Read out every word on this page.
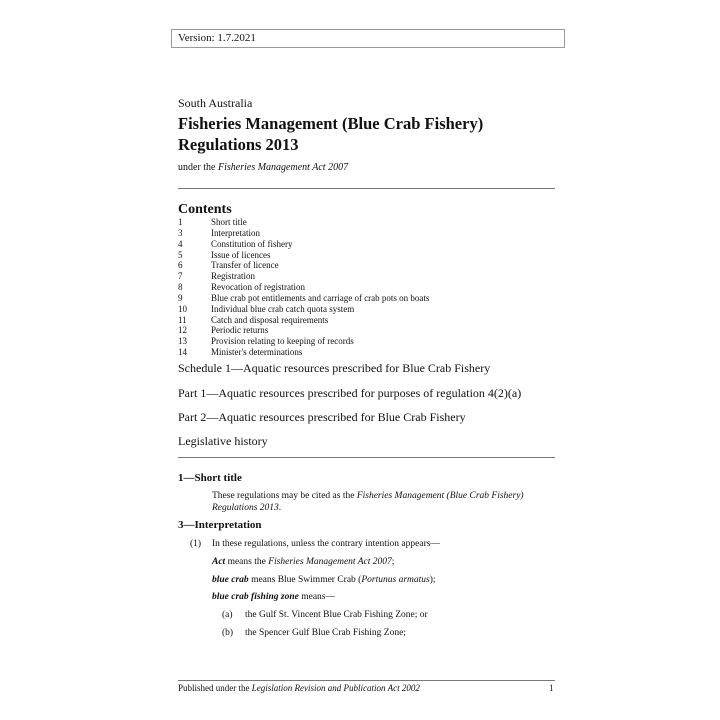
Version: 1.7.2021
South Australia
Fisheries Management (Blue Crab Fishery)
Regulations 2013
under the Fisheries Management Act 2007
Contents
1	Short title
3	Interpretation
4	Constitution of fishery
5	Issue of licences
6	Transfer of licence
7	Registration
8	Revocation of registration
9	Blue crab pot entitlements and carriage of crab pots on boats
10	Individual blue crab catch quota system
11	Catch and disposal requirements
12	Periodic returns
13	Provision relating to keeping of records
14	Minister's determinations
Schedule 1—Aquatic resources prescribed for Blue Crab Fishery
Part 1—Aquatic resources prescribed for purposes of regulation 4(2)(a)
Part 2—Aquatic resources prescribed for Blue Crab Fishery
Legislative history
1—Short title
These regulations may be cited as the Fisheries Management (Blue Crab Fishery)
Regulations 2013.
3—Interpretation
(1) In these regulations, unless the contrary intention appears—
Act means the Fisheries Management Act 2007;
blue crab means Blue Swimmer Crab (Portunus armatus);
blue crab fishing zone means—
(a) the Gulf St. Vincent Blue Crab Fishing Zone; or
(b) the Spencer Gulf Blue Crab Fishing Zone;
Published under the Legislation Revision and Publication Act 2002	1
